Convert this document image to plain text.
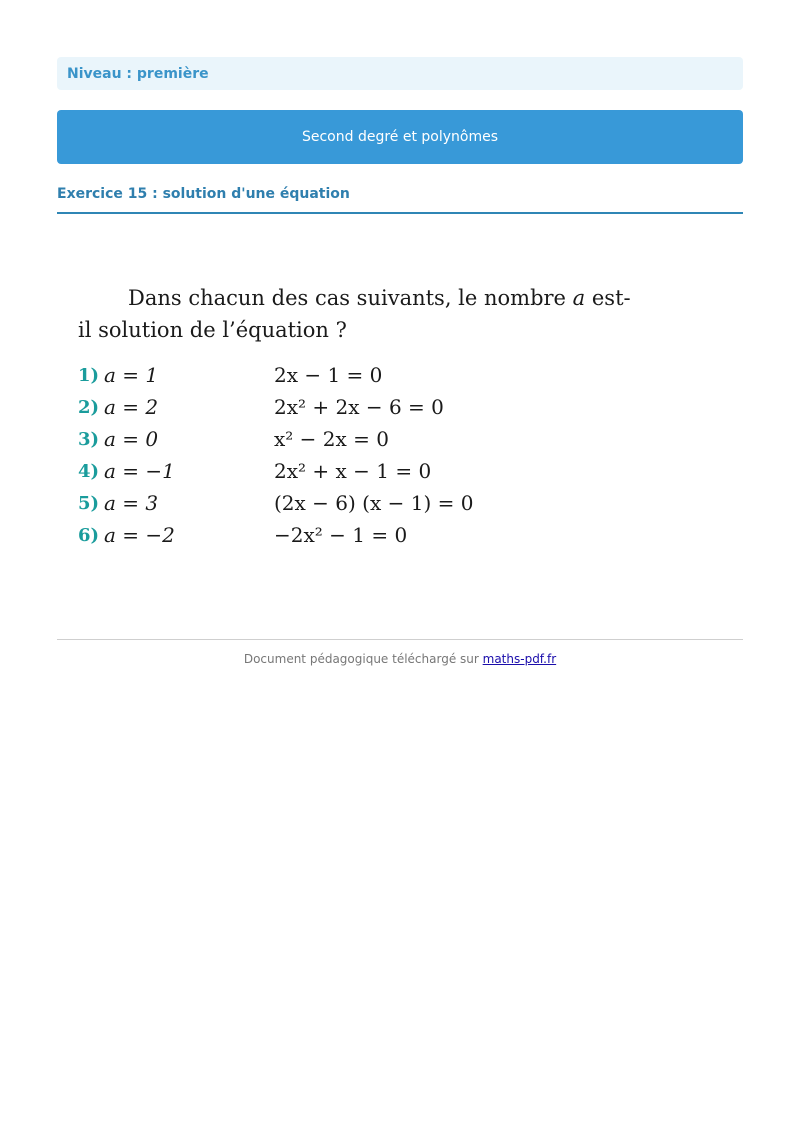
Niveau : première
Second degré et polynômes
Exercice 15 : solution d'une équation

Dans chacun des cas suivants, le nombre a est-il solution de l’équation ?

1) a = 1	2x − 1 = 0
2) a = 2	2x² + 2x − 6 = 0
3) a = 0	x² − 2x = 0
4) a = −1	2x² + x − 1 = 0
5) a = 3	(2x − 6) (x − 1) = 0
6) a = −2	−2x² − 1 = 0
Document pédagogique téléchargé sur maths-pdf.fr
